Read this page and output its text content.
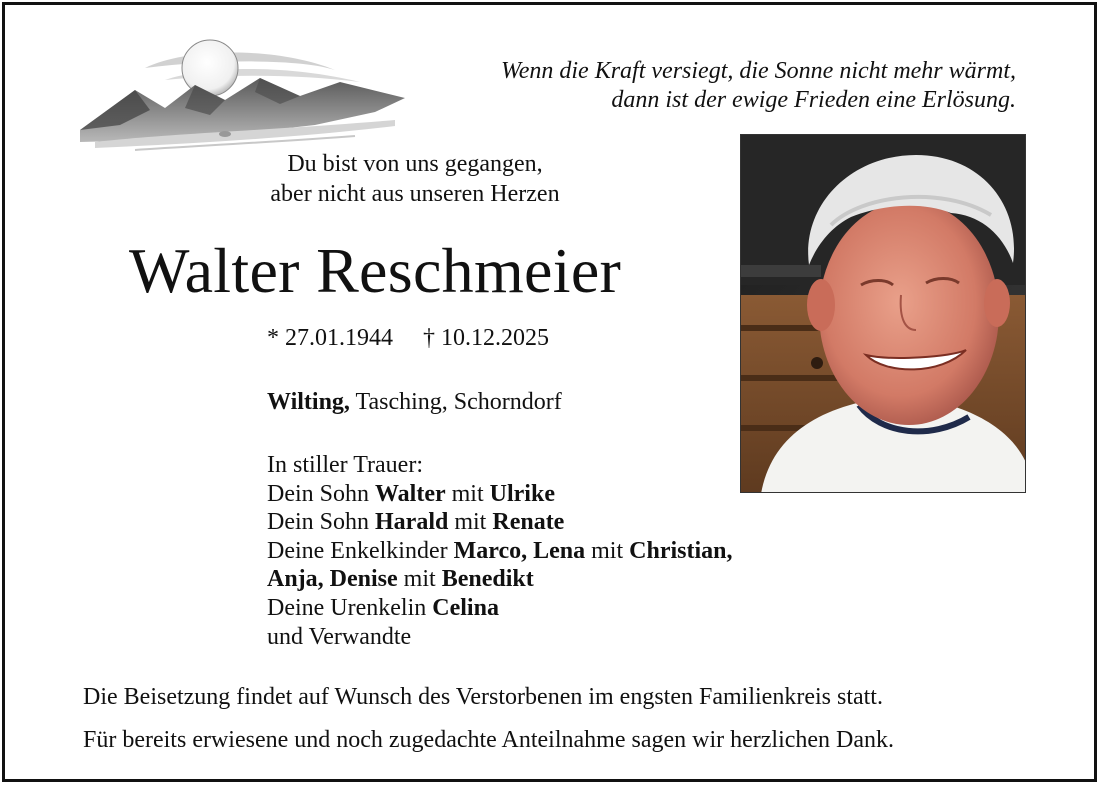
Wenn die Kraft versiegt, die Sonne nicht mehr wärmt,
dann ist der ewige Frieden eine Erlösung.
Du bist von uns gegangen,
aber nicht aus unseren Herzen
Walter Reschmeier
* 27.01.1944 † 10.12.2025
Wilting, Tasching, Schorndorf
In stiller Trauer:
Dein Sohn Walter mit Ulrike
Dein Sohn Harald mit Renate
Deine Enkelkinder Marco, Lena mit Christian,
Anja, Denise mit Benedikt
Deine Urenkelin Celina
und Verwandte
Die Beisetzung findet auf Wunsch des Verstorbenen im engsten Familienkreis statt.
Für bereits erwiesene und noch zugedachte Anteilnahme sagen wir herzlichen Dank.
